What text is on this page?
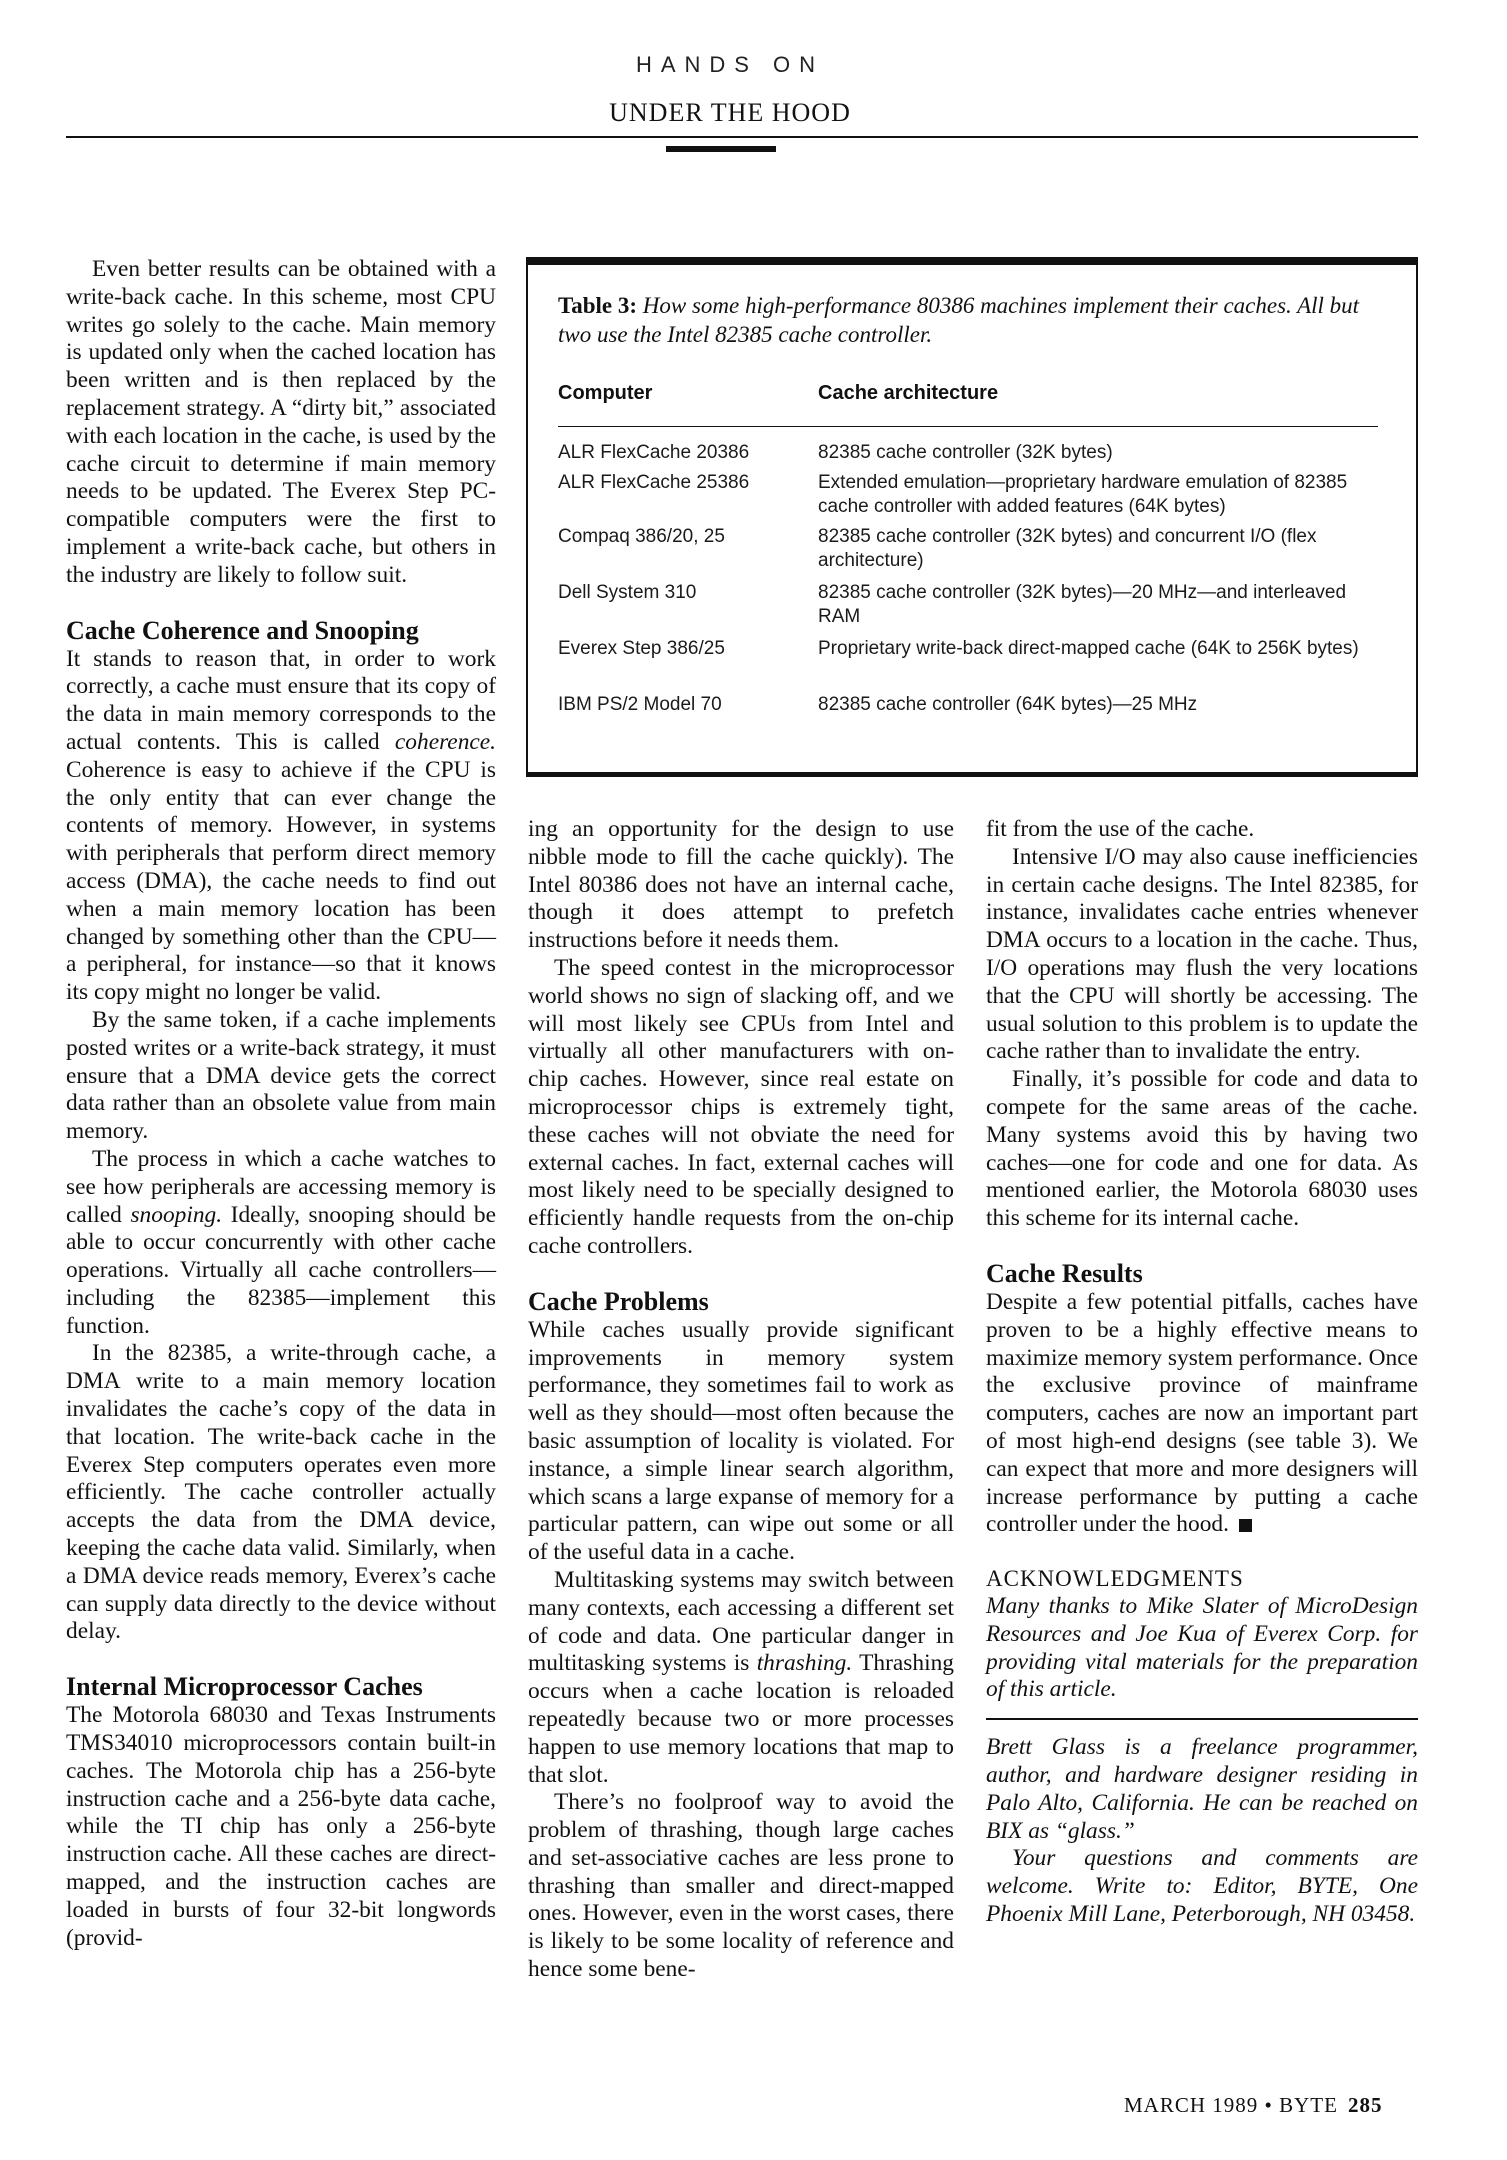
HANDS ON
UNDER THE HOOD

Even better results can be obtained with a write-back cache. In this scheme, most CPU writes go solely to the cache. Main memory is updated only when the cached location has been written and is then replaced by the replacement strategy. A “dirty bit,” associated with each location in the cache, is used by the cache circuit to determine if main memory needs to be updated. The Everex Step PC-compatible computers were the first to implement a write-back cache, but others in the industry are likely to follow suit.

Cache Coherence and Snooping

It stands to reason that, in order to work correctly, a cache must ensure that its copy of the data in main memory corresponds to the actual contents. This is called coherence. Coherence is easy to achieve if the CPU is the only entity that can ever change the contents of memory. However, in systems with peripherals that perform direct memory access (DMA), the cache needs to find out when a main memory location has been changed by something other than the CPU—a peripheral, for instance—so that it knows its copy might no longer be valid.

By the same token, if a cache implements posted writes or a write-back strategy, it must ensure that a DMA device gets the correct data rather than an obsolete value from main memory.

The process in which a cache watches to see how peripherals are accessing memory is called snooping. Ideally, snooping should be able to occur concurrently with other cache operations. Virtually all cache controllers—including the 82385—implement this function.

In the 82385, a write-through cache, a DMA write to a main memory location invalidates the cache’s copy of the data in that location. The write-back cache in the Everex Step computers operates even more efficiently. The cache controller actually accepts the data from the DMA device, keeping the cache data valid. Similarly, when a DMA device reads memory, Everex’s cache can supply data directly to the device without delay.

Internal Microprocessor Caches

The Motorola 68030 and Texas Instruments TMS34010 microprocessors contain built-in caches. The Motorola chip has a 256-byte instruction cache and a 256-byte data cache, while the TI chip has only a 256-byte instruction cache. All these caches are direct-mapped, and the instruction caches are loaded in bursts of four 32-bit longwords (provid-

Table 3: How some high-performance 80386 machines implement their caches. All but two use the Intel 82385 cache controller.
Computer	Cache architecture
ALR FlexCache 20386	82385 cache controller (32K bytes)
ALR FlexCache 25386	Extended emulation—proprietary hardware emulation of 82385 cache controller with added features (64K bytes)
Compaq 386/20, 25	82385 cache controller (32K bytes) and concurrent I/O (flex architecture)
Dell System 310	82385 cache controller (32K bytes)—20 MHz—and interleaved RAM
Everex Step 386/25	Proprietary write-back direct-mapped cache (64K to 256K bytes)
IBM PS/2 Model 70	82385 cache controller (64K bytes)—25 MHz

ing an opportunity for the design to use nibble mode to fill the cache quickly). The Intel 80386 does not have an internal cache, though it does attempt to prefetch instructions before it needs them.

The speed contest in the microprocessor world shows no sign of slacking off, and we will most likely see CPUs from Intel and virtually all other manufacturers with on-chip caches. However, since real estate on microprocessor chips is extremely tight, these caches will not obviate the need for external caches. In fact, external caches will most likely need to be specially designed to efficiently handle requests from the on-chip cache controllers.

Cache Problems

While caches usually provide significant improvements in memory system performance, they sometimes fail to work as well as they should—most often because the basic assumption of locality is violated. For instance, a simple linear search algorithm, which scans a large expanse of memory for a particular pattern, can wipe out some or all of the useful data in a cache.

Multitasking systems may switch between many contexts, each accessing a different set of code and data. One particular danger in multitasking systems is thrashing. Thrashing occurs when a cache location is reloaded repeatedly because two or more processes happen to use memory locations that map to that slot.

There’s no foolproof way to avoid the problem of thrashing, though large caches and set-associative caches are less prone to thrashing than smaller and direct-mapped ones. However, even in the worst cases, there is likely to be some locality of reference and hence some bene-

fit from the use of the cache.

Intensive I/O may also cause inefficiencies in certain cache designs. The Intel 82385, for instance, invalidates cache entries whenever DMA occurs to a location in the cache. Thus, I/O operations may flush the very locations that the CPU will shortly be accessing. The usual solution to this problem is to update the cache rather than to invalidate the entry.

Finally, it’s possible for code and data to compete for the same areas of the cache. Many systems avoid this by having two caches—one for code and one for data. As mentioned earlier, the Motorola 68030 uses this scheme for its internal cache.

Cache Results

Despite a few potential pitfalls, caches have proven to be a highly effective means to maximize memory system performance. Once the exclusive province of mainframe computers, caches are now an important part of most high-end designs (see table 3). We can expect that more and more designers will increase performance by putting a cache controller under the hood.

ACKNOWLEDGMENTS

Many thanks to Mike Slater of MicroDesign Resources and Joe Kua of Everex Corp. for providing vital materials for the preparation of this article.

Brett Glass is a freelance programmer, author, and hardware designer residing in Palo Alto, California. He can be reached on BIX as “glass.”

Your questions and comments are welcome. Write to: Editor, BYTE, One Phoenix Mill Lane, Peterborough, NH 03458.

MARCH 1989 • BYTE 285
